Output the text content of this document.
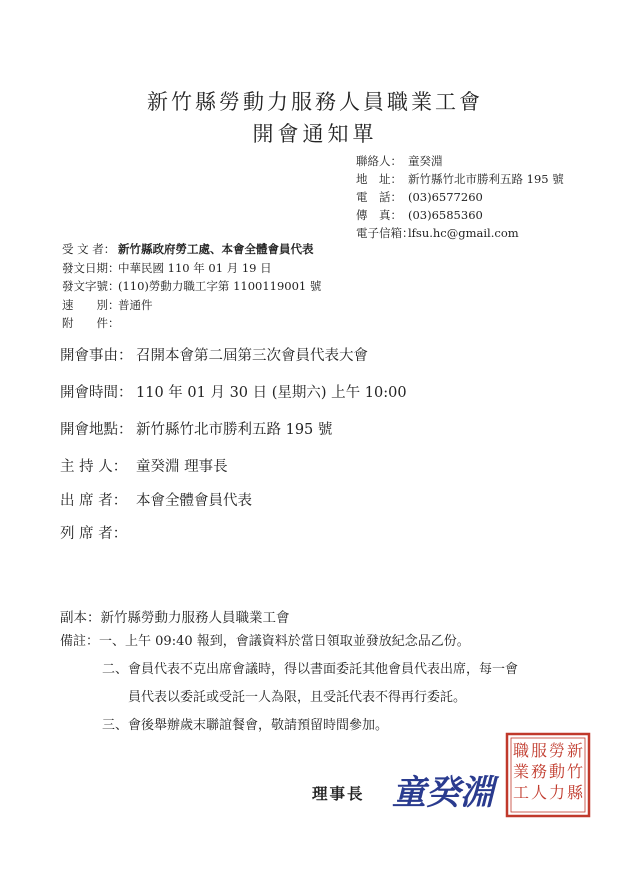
新竹縣勞動力服務人員職業工會
開會通知單
聯絡人： 童癸淵
地　址： 新竹縣竹北市勝利五路 195 號
電　話： (03)6577260
傳　真： (03)6585360
電子信箱：lfsu.hc@gmail.com
受 文 者： 新竹縣政府勞工處、本會全體會員代表
發文日期：中華民國 110 年 01 月 19 日
發文字號：(110)勞動力職工字第 1100119001 號
速　　別：普通件
附　　件：
開會事由： 召開本會第二屆第三次會員代表大會
開會時間： 110 年 01 月 30 日 (星期六) 上午 10:00
開會地點： 新竹縣竹北市勝利五路 195 號
主 持 人： 童癸淵 理事長
出 席 者： 本會全體會員代表
列 席 者：
副本：新竹縣勞動力服務人員職業工會
備註：一、上午 09:40 報到，會議資料於當日領取並發放紀念品乙份。
二、會員代表不克出席會議時，得以書面委託其他會員代表出席，每一會
員代表以委託或受託一人為限，且受託代表不得再行委託。
三、會後舉辦歲末聯誼餐會，敬請預留時間參加。
理事長 童癸淵
新
竹
縣
勞
動
力
服
務
人
職
業
工
